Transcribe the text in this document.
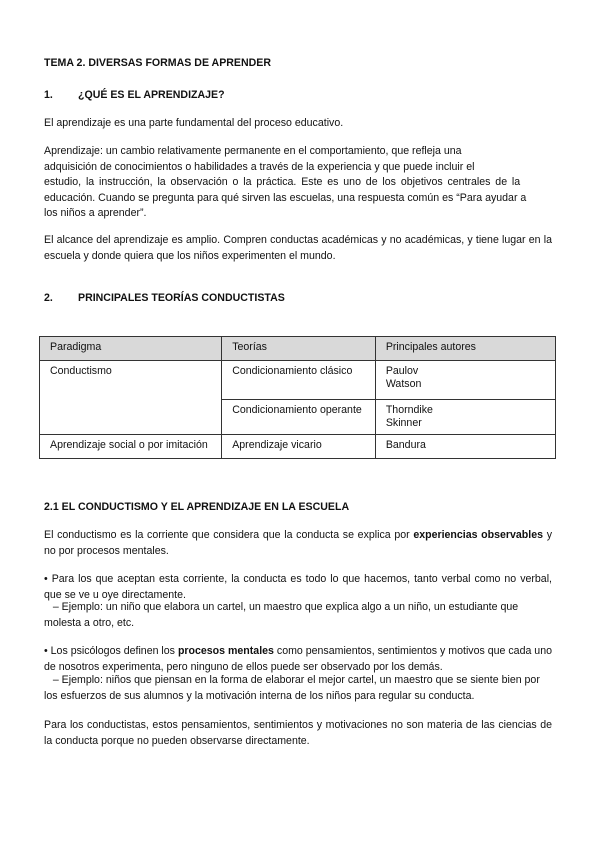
TEMA 2. DIVERSAS FORMAS DE APRENDER
1. ¿QUÉ ES EL APRENDIZAJE?

El aprendizaje es una parte fundamental del proceso educativo.

Aprendizaje: un cambio relativamente permanente en el comportamiento, que refleja una
adquisición de conocimientos o habilidades a través de la experiencia y que puede incluir el
estudio, la instrucción, la observación o la práctica. Este es uno de los objetivos centrales de la
educación. Cuando se pregunta para qué sirven las escuelas, una respuesta común es “Para ayudar a
los niños a aprender”.

El alcance del aprendizaje es amplio. Compren conductas académicas y no académicas, y tiene lugar en la escuela y donde quiera que los niños experimenten el mundo.

2. PRINCIPALES TEORÍAS CONDUCTISTAS
Paradigma	Teorías	Principales autores
Conductismo	Condicionamiento clásico	Paulov
Watson

	Condicionamiento operante	Thorndike
Skinner

Aprendizaje social o por imitación	Aprendizaje vicario	Bandura
2.1 EL CONDUCTISMO Y EL APRENDIZAJE EN LA ESCUELA

El conductismo es la corriente que considera que la conducta se explica por experiencias observables y no por procesos mentales.

• Para los que aceptan esta corriente, la conducta es todo lo que hacemos, tanto verbal como no verbal, que se ve u oye directamente.

– Ejemplo: un niño que elabora un cartel, un maestro que explica algo a un niño, un estudiante que molesta a otro, etc.

• Los psicólogos definen los procesos mentales como pensamientos, sentimientos y motivos que cada uno de nosotros experimenta, pero ninguno de ellos puede ser observado por los demás.

– Ejemplo: niños que piensan en la forma de elaborar el mejor cartel, un maestro que se siente bien por los esfuerzos de sus alumnos y la motivación interna de los niños para regular su conducta.

Para los conductistas, estos pensamientos, sentimientos y motivaciones no son materia de las ciencias de la conducta porque no pueden observarse directamente.
